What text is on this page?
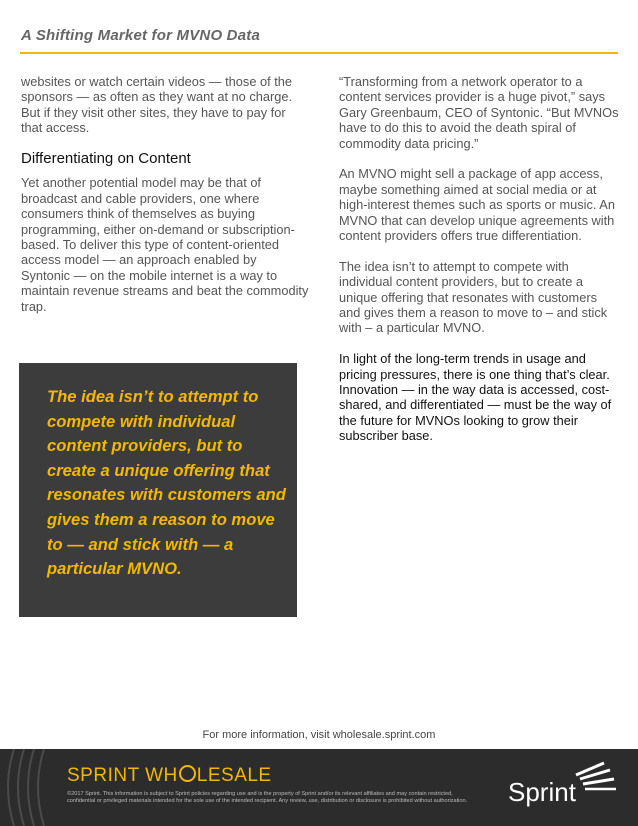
A Shifting Market for MVNO Data

websites or watch certain videos — those of the sponsors — as often as they want at no charge. But if they visit other sites, they have to pay for that access.

Differentiating on Content

Yet another potential model may be that of broadcast and cable providers, one where consumers think of themselves as buying programming, either on-demand or subscription-based. To deliver this type of content-oriented access model — an approach enabled by Syntonic — on the mobile internet is a way to maintain revenue streams and beat the commodity trap.

The idea isn’t to attempt to compete with individual content providers, but to create a unique offering that resonates with customers and gives them a reason to move to — and stick with — a particular MVNO.

“Transforming from a network operator to a content services provider is a huge pivot,” says Gary Greenbaum, CEO of Syntonic. “But MVNOs have to do this to avoid the death spiral of commodity data pricing.”

An MVNO might sell a package of app access, maybe something aimed at social media or at high-interest themes such as sports or music. An MVNO that can develop unique agreements with content providers offers true differentiation.

The idea isn’t to attempt to compete with individual content providers, but to create a unique offering that resonates with customers and gives them a reason to move to – and stick with – a particular MVNO.

In light of the long-term trends in usage and pricing pressures, there is one thing that’s clear. Innovation — in the way data is accessed, cost-shared, and differentiated — must be the way of the future for MVNOs looking to grow their subscriber base.

For more information, visit wholesale.sprint.com
SPRINT WH LESALE
©2017 Sprint. This information is subject to Sprint policies regarding use and is the property of Sprint and/or its relevant affiliates and may contain restricted, confidential or privileged materials intended for the sole use of the intended recipient. Any review, use, distribution or disclosure is prohibited without authorization.	Sprint
